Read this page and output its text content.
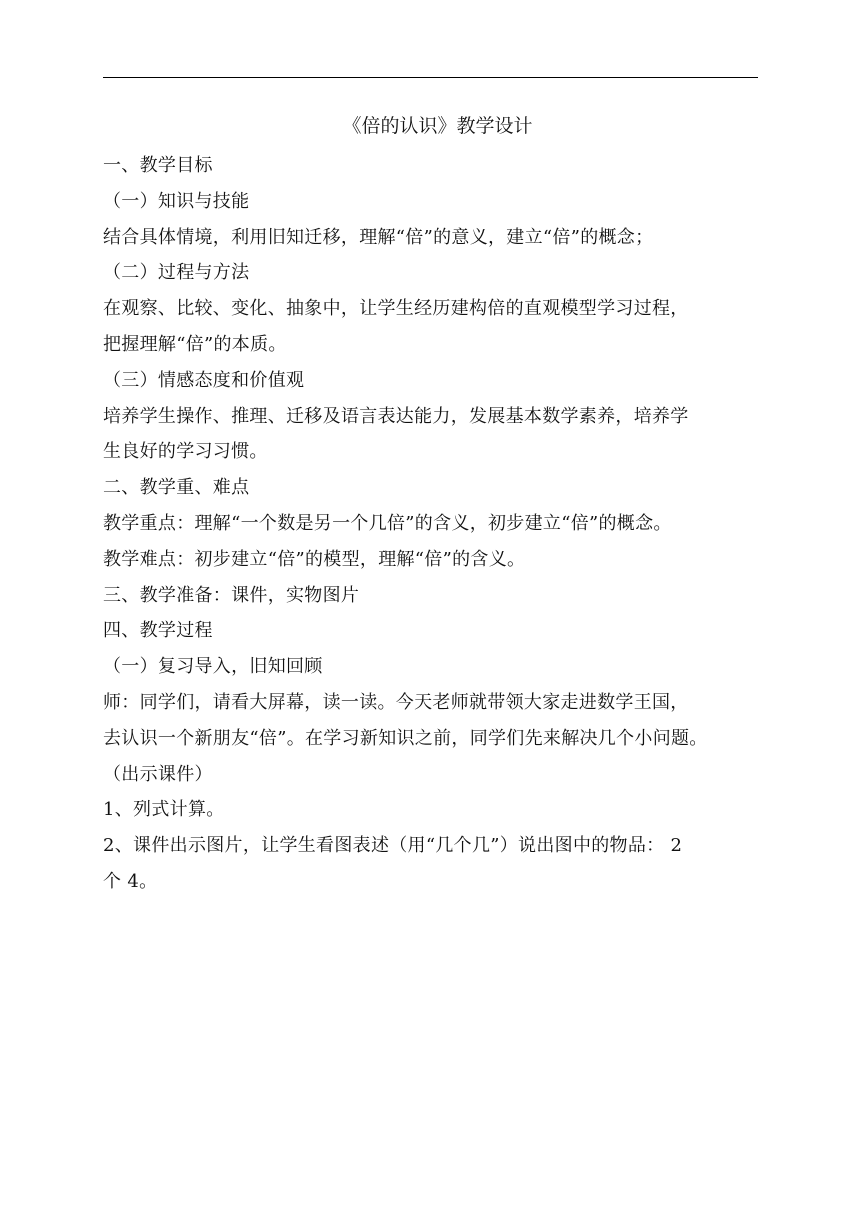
《倍的认识》教学设计
一、教学目标
（一）知识与技能
结合具体情境，利用旧知迁移，理解“倍”的意义，建立“倍”的概念；
（二）过程与方法
在观察、比较、变化、抽象中，让学生经历建构倍的直观模型学习过程，
把握理解“倍”的本质。
（三）情感态度和价值观
培养学生操作、推理、迁移及语言表达能力，发展基本数学素养，培养学
生良好的学习习惯。
二、教学重、难点
教学重点：理解“一个数是另一个几倍”的含义，初步建立“倍”的概念。
教学难点：初步建立“倍”的模型，理解“倍”的含义。
三、教学准备：课件，实物图片
四、教学过程
（一）复习导入，旧知回顾
师：同学们，请看大屏幕，读一读。今天老师就带领大家走进数学王国，
去认识一个新朋友“倍”。在学习新知识之前，同学们先来解决几个小问题。
（出示课件）
1、列式计算。
2、课件出示图片，让学生看图表述（用“几个几”）说出图中的物品： 2
个 4。
